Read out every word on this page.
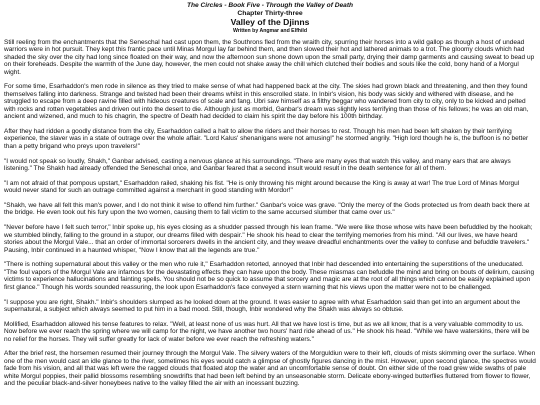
The Circles - Book Five - Through the Valley of Death
Chapter Thirty-three
Valley of the Djinns
Written by Angmar and Elfhild

Still reeling from the enchantments that the Seneschal had cast upon them, the Southrons fled from the wraith city, spurring their horses into a wild gallop as though a host of undead warriors were in hot pursuit. They kept this frantic pace until Minas Morgul lay far behind them, and then slowed their hot and lathered animals to a trot. The gloomy clouds which had shaded the sky over the city had long since floated on their way, and now the afternoon sun shone down upon the small party, drying their damp garments and causing sweat to bead up on their foreheads. Despite the warmth of the June day, however, the men could not shake away the chill which clutched their bodies and souls like the cold, bony hand of a Morgul wight.

For some time, Esarhaddon's men rode in silence as they tried to make sense of what had happened back at the city. The skies had grown black and threatening, and then they found themselves falling into darkness. Strange and twisted had been their dreams whilst in this enscrolled state. In Inbir's vision, his body was sickly and withered with disease, and he struggled to escape from a deep ravine filled with hideous creatures of scale and fang. Ubri saw himself as a filthy beggar who wandered from city to city, only to be kicked and pelted with rocks and rotten vegetables and driven out into the desert to die. Although just as morbid, Ganbar's dream was slightly less terrifying than those of his fellows; he was an old man, ancient and wizened, and much to his chagrin, the spectre of Death had decided to claim his spirit the day before his 100th birthday.

After they had ridden a goodly distance from the city, Esarhaddon called a halt to allow the riders and their horses to rest. Though his men had been left shaken by their terrifying experience, the slaver was in a state of outrage over the whole affair. "Lord Kalus' shenanigans were not amusing!" he stormed angrily. "High lord though he is, the buffoon is no better than a petty brigand who preys upon travelers!"

"I would not speak so loudly, Shakh," Ganbar advised, casting a nervous glance at his surroundings. "There are many eyes that watch this valley, and many ears that are always listening." The Shakh had already offended the Seneschal once, and Ganbar feared that a second insult would result in the death sentence for all of them.

"I am not afraid of that pompous upstart," Esarhaddon railed, shaking his fist. "He is only throwing his might around because the King is away at war! The true Lord of Minas Morgul would never stand for such an outrage committed against a merchant in good standing with Mordor!"

"Shakh, we have all felt this man's power, and I do not think it wise to offend him further." Ganbar's voice was grave. "Only the mercy of the Gods protected us from death back there at the bridge. He even took out his fury upon the two women, causing them to fall victim to the same accursed slumber that came over us."

"Never before have I felt such terror," Inbir spoke up, his eyes closing as a shudder passed through his lean frame. "We were like those whose wits have been befuddled by the hookah; we stumbled blindly, falling to the ground in a stupor, our dreams filled with despair." He shook his head to clear the terrifying memories from his mind. "All our lives, we have heard stories about the Morgul Vale... that an order of immortal sorcerers dwells in the ancient city, and they weave dreadful enchantments over the valley to confuse and befuddle travelers." Pausing, Inbir continued in a haunted whisper, "Now I know that all the legends are true."

"There is nothing supernatural about this valley or the men who rule it," Esarhaddon retorted, annoyed that Inbir had descended into entertaining the superstitions of the uneducated. "The foul vapors of the Morgul Vale are infamous for the devastating effects they can have upon the body. These miasmas can befuddle the mind and bring on bouts of delirium, causing victims to experience hallucinations and fainting spells. You should not be so quick to assume that sorcery and magic are at the root of all things which cannot be easily explained upon first glance." Though his words sounded reassuring, the look upon Esarhaddon's face conveyed a stern warning that his views upon the matter were not to be challenged.

"I suppose you are right, Shakh." Inbir's shoulders slumped as he looked down at the ground. It was easier to agree with what Esarhaddon said than get into an argument about the supernatural, a subject which always seemed to put him in a bad mood. Still, though, Inbir wondered why the Shakh was always so obtuse.

Mollified, Esarhaddon allowed his tense features to relax. "Well, at least none of us was hurt. All that we have lost is time, but as we all know, that is a very valuable commodity to us. Now before we ever reach the spring where we will camp for the night, we have another two hours' hard ride ahead of us." He shook his head. "While we have waterskins, there will be no relief for the horses. They will suffer greatly for lack of water before we ever reach the refreshing waters."

After the brief rest, the horsemen resumed their journey through the Morgul Vale. The silvery waters of the Morguldiun were to their left, clouds of mists skimming over the surface. When one of the men would cast an idle glance to the river, sometimes his eyes would catch a glimpse of ghostly figures dancing in the mist. However, upon second glance, the spectres would fade from his vision, and all that was left were the ragged clouds that floated atop the water and an uncomfortable sense of doubt. On either side of the road grew wide swaths of pale white Morgul poppies, their pallid blossoms resembling snowdrifts that had been left behind by an unseasonable storm. Delicate ebony-winged butterflies fluttered from flower to flower, and the peculiar black-and-silver honeybees native to the valley filled the air with an incessant buzzing.
